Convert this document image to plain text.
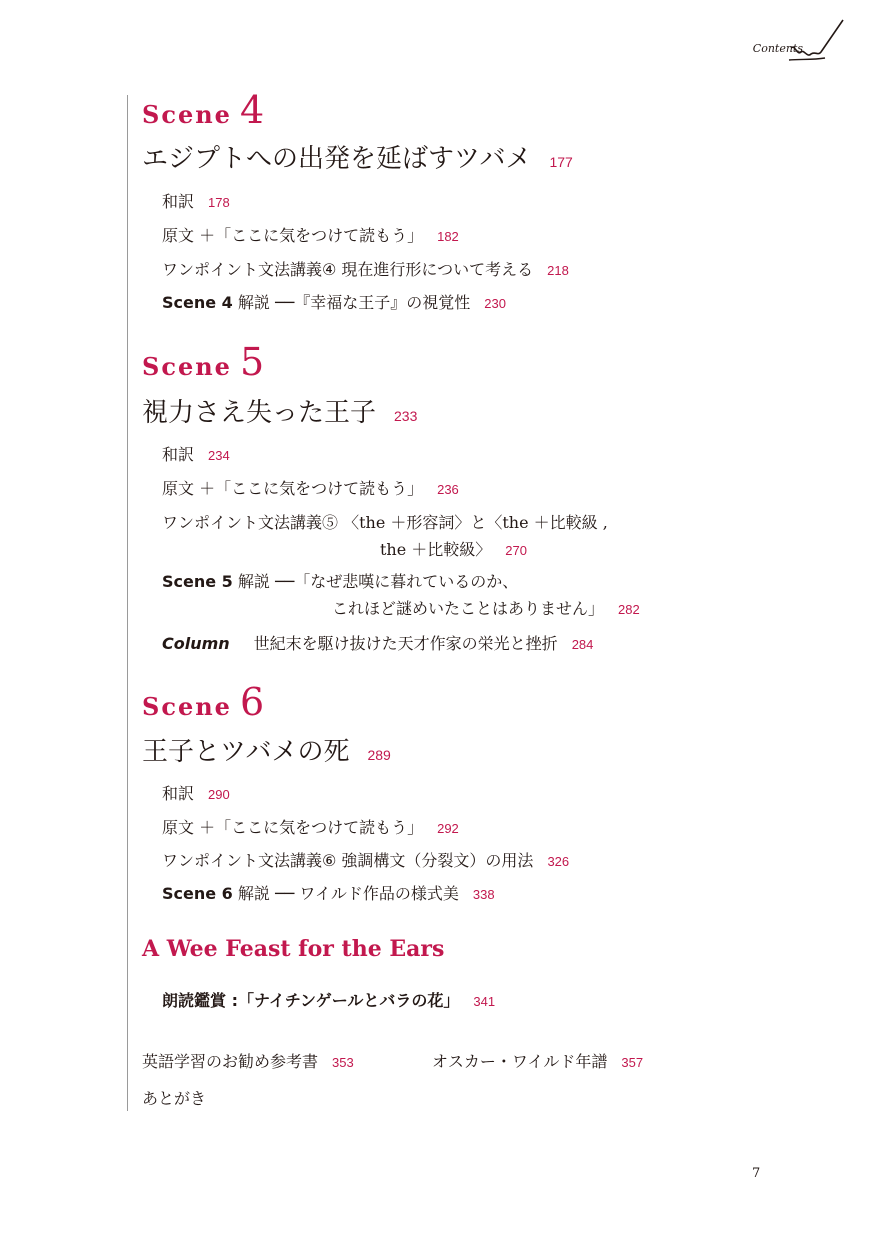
Contents
Scene 4
エジプトへの出発を延ばすツバメ 177
和訳 178
原文 ＋「ここに気をつけて読もう」 182
ワンポイント文法講義④ 現在進行形について考える 218
Scene 4 解説 ──『幸福な王子』の視覚性 230
Scene 5
視力さえ失った王子 233
和訳 234
原文 ＋「ここに気をつけて読もう」 236
ワンポイント文法講義⑤ 〈the ＋形容詞〉と〈the ＋比較級 ,
the ＋比較級〉 270
Scene 5 解説 ──「なぜ悲嘆に暮れているのか、
これほど謎めいたことはありません」 282
Column 世紀末を駆け抜けた天才作家の栄光と挫折 284
Scene 6
王子とツバメの死 289
和訳 290
原文 ＋「ここに気をつけて読もう」 292
ワンポイント文法講義⑥ 強調構文（分裂文）の用法 326
Scene 6 解説 ── ワイルド作品の様式美 338
A Wee Feast for the Ears
朗読鑑賞 :「ナイチンゲールとバラの花」 341
英語学習のお勧め参考書 353	オスカー・ワイルド年譜 357
あとがき
7
